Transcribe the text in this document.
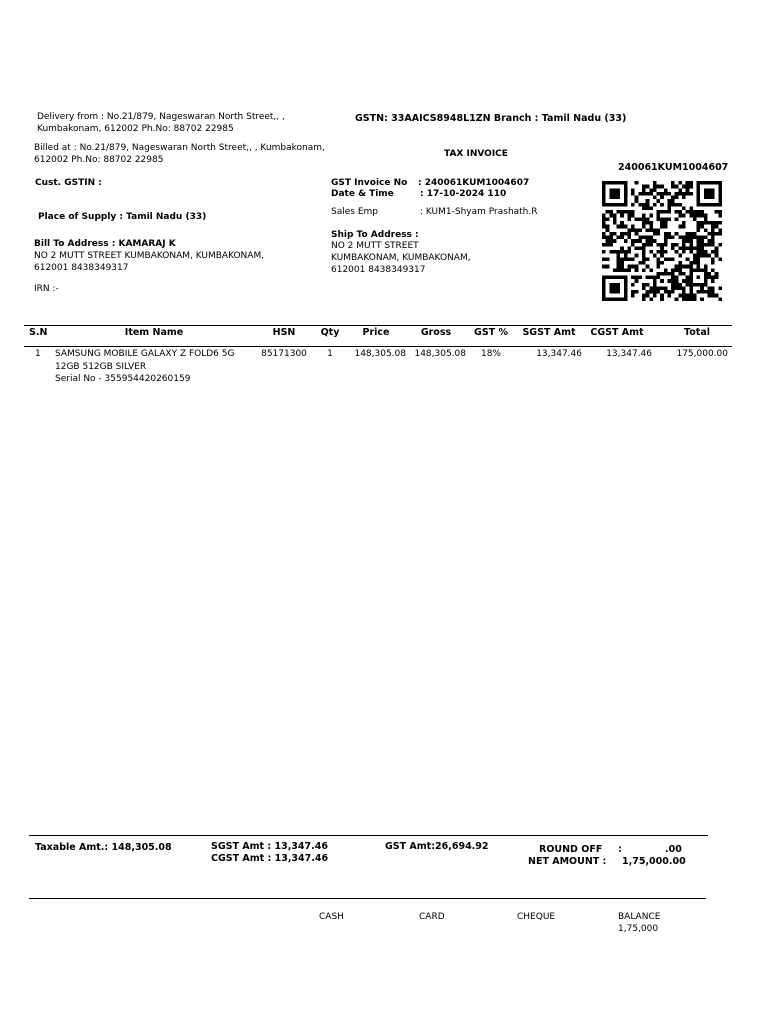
Delivery from : No.21/879, Nageswaran North Street,, ,
Kumbakonam, 612002 Ph.No: 88702 22985
Billed at : No.21/879, Nageswaran North Street,, , Kumbakonam,
612002 Ph.No: 88702 22985
GSTN: 33AAICS8948L1ZN Branch : Tamil Nadu (33)
TAX INVOICE
240061KUM1004607
Cust. GSTIN :
Place of Supply : Tamil Nadu (33)
GST Invoice No : 240061KUM1004607
Date & Time	: 17-10-2024 110
Sales Emp	: KUM1-Shyam Prashath.R
Bill To Address : KAMARAJ K
NO 2 MUTT STREET KUMBAKONAM, KUMBAKONAM,
612001 8438349317
Ship To Address :
NO 2 MUTT STREET
KUMBAKONAM, KUMBAKONAM,
612001 8438349317
IRN :-
S.N	Item Name	HSN	Qty	Price	Gross	GST %	SGST Amt	CGST Amt	Total
1	SAMSUNG MOBILE GALAXY Z FOLD6 5G
12GB 512GB SILVER
Serial No - 355954420260159	85171300	1	148,305.08	148,305.08	18%	13,347.46	13,347.46	175,000.00
Taxable Amt.: 148,305.08	SGST Amt : 13,347.46
CGST Amt : 13,347.46
GST Amt:26,694.92	ROUND OFF :	.00
NET AMOUNT : 1,75,000.00
CASH	CARD	CHEQUE	BALANCE
1,75,000
